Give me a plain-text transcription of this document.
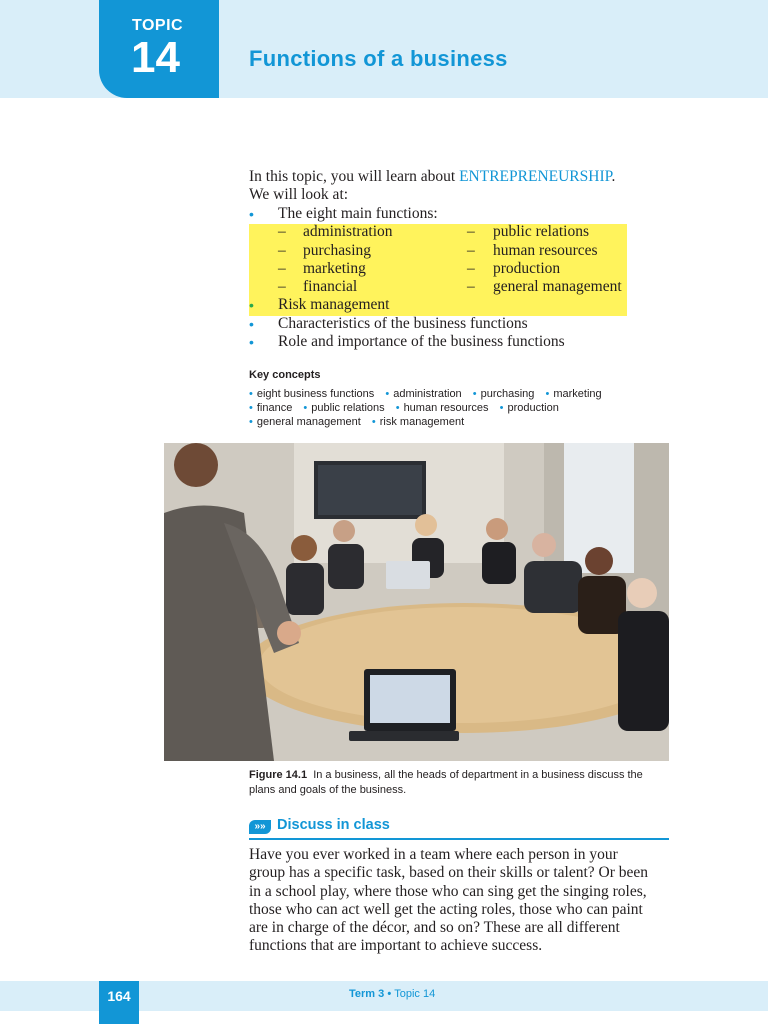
TOPIC
14	Functions of a business
In this topic, you will learn about ENTREPRENEURSHIP.
We will look at:
• The eight main functions:
– administration	– public relations
– purchasing	– human resources
– marketing	– production
– financial	– general management
• Risk management
• Characteristics of the business functions
• Role and importance of the business functions
Key concepts
• eight business functions • administration • purchasing • marketing
• finance • public relations • human resources • production
• general management • risk management
Figure 14.1 In a business, all the heads of department in a business discuss the plans and goals of the business.
»» Discuss in class
Have you ever worked in a team where each person in your
group has a specific task, based on their skills or talent? Or been
in a school play, where those who can sing get the singing roles,
those who can act well get the acting roles, those who can paint
are in charge of the décor, and so on? These are all different
functions that are important to achieve success.
164	Term 3 • Topic 14
